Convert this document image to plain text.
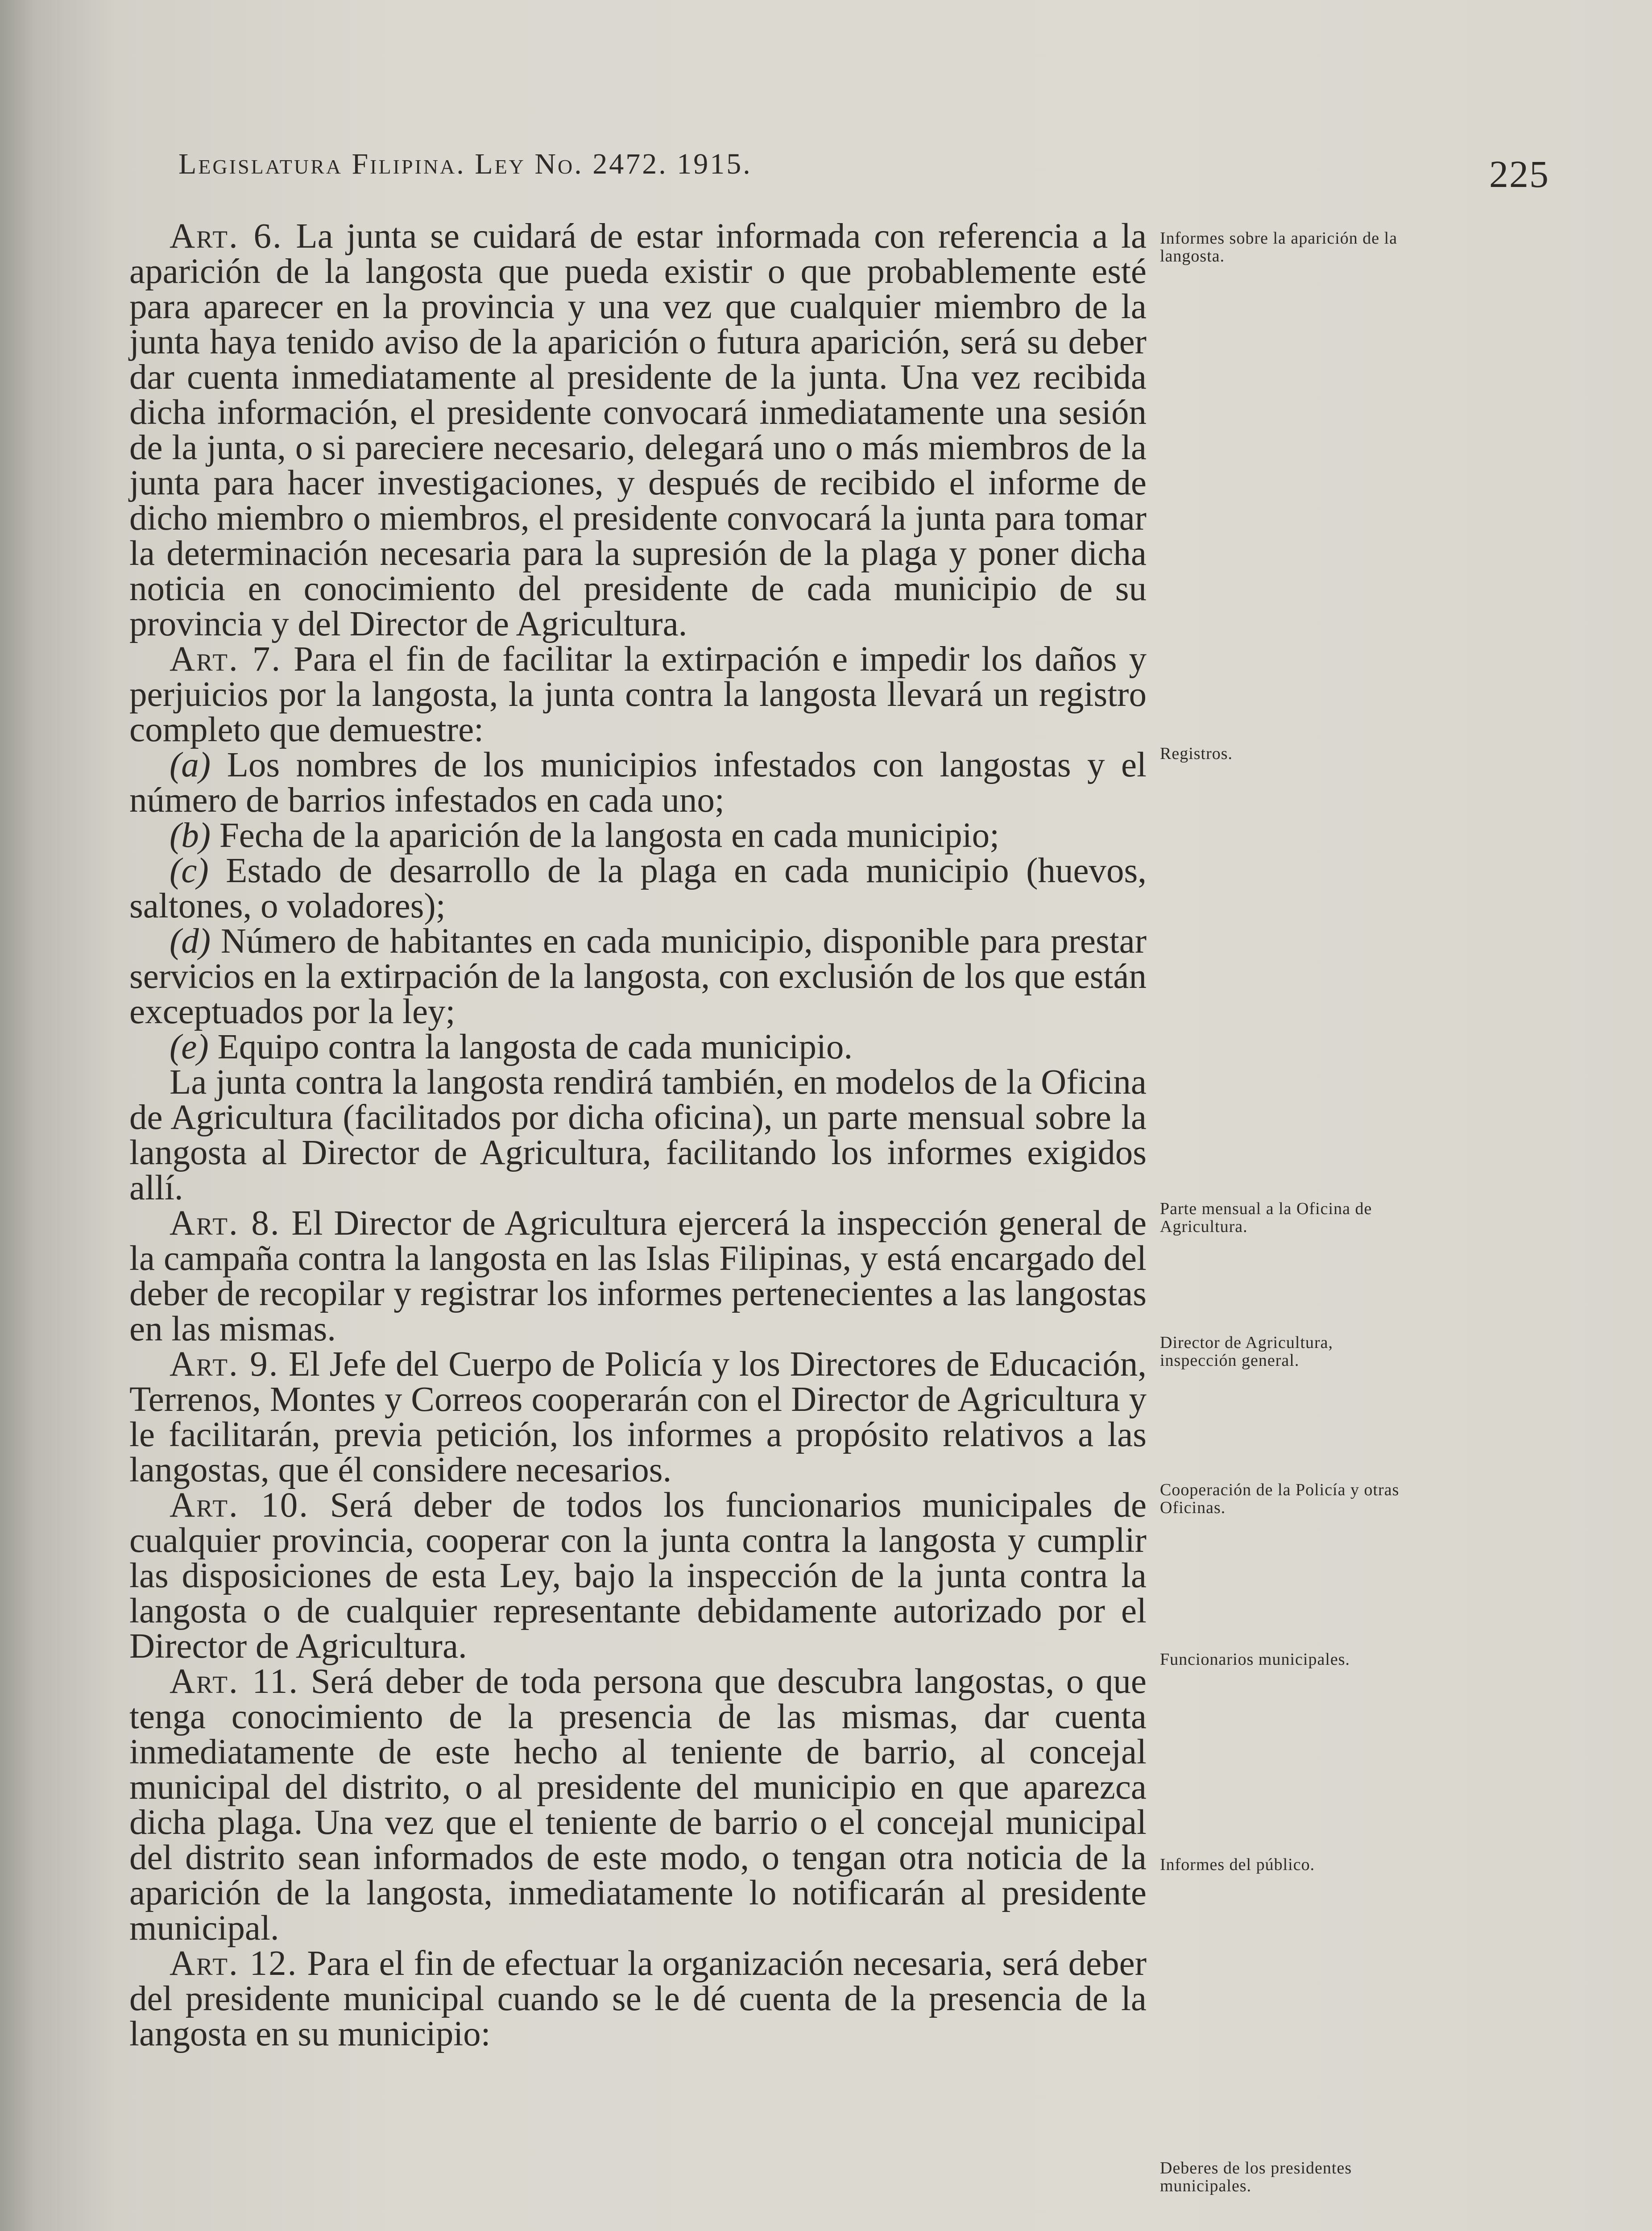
Legislatura Filipina. Ley No. 2472. 1915.	225

Art. 6. La junta se cuidará de estar informada con referencia a la aparición de la langosta que pueda existir o que probablemente esté para aparecer en la provincia y una vez que cualquier miembro de la junta haya tenido aviso de la aparición o futura aparición, será su deber dar cuenta inmediatamente al presidente de la junta. Una vez recibida dicha información, el presidente convocará inmediatamente una sesión de la junta, o si pareciere necesario, delegará uno o más miembros de la junta para hacer investigaciones, y después de recibido el informe de dicho miembro o miembros, el presidente convocará la junta para tomar la determinación necesaria para la supresión de la plaga y poner dicha noticia en conocimiento del presidente de cada municipio de su provincia y del Director de Agricultura.

Art. 7. Para el fin de facilitar la extirpación e impedir los daños y perjuicios por la langosta, la junta contra la langosta llevará un registro completo que demuestre:

(a) Los nombres de los municipios infestados con langostas y el número de barrios infestados en cada uno;

(b) Fecha de la aparición de la langosta en cada municipio;

(c) Estado de desarrollo de la plaga en cada municipio (huevos, saltones, o voladores);

(d) Número de habitantes en cada municipio, disponible para prestar servicios en la extirpación de la langosta, con exclusión de los que están exceptuados por la ley;

(e) Equipo contra la langosta de cada municipio.

La junta contra la langosta rendirá también, en modelos de la Oficina de Agricultura (facilitados por dicha oficina), un parte mensual sobre la langosta al Director de Agricultura, facilitando los informes exigidos allí.

Art. 8. El Director de Agricultura ejercerá la inspección general de la campaña contra la langosta en las Islas Filipinas, y está encargado del deber de recopilar y registrar los informes pertenecientes a las langostas en las mismas.

Art. 9. El Jefe del Cuerpo de Policía y los Directores de Educación, Terrenos, Montes y Correos cooperarán con el Director de Agricultura y le facilitarán, previa petición, los informes a propósito relativos a las langostas, que él considere necesarios.

Art. 10. Será deber de todos los funcionarios municipales de cualquier provincia, cooperar con la junta contra la langosta y cumplir las disposiciones de esta Ley, bajo la inspección de la junta contra la langosta o de cualquier representante debidamente autorizado por el Director de Agricultura.

Art. 11. Será deber de toda persona que descubra langostas, o que tenga conocimiento de la presencia de las mismas, dar cuenta inmediatamente de este hecho al teniente de barrio, al concejal municipal del distrito, o al presidente del municipio en que aparezca dicha plaga. Una vez que el teniente de barrio o el concejal municipal del distrito sean informados de este modo, o tengan otra noticia de la aparición de la langosta, inmediatamente lo notificarán al presidente municipal.

Art. 12. Para el fin de efectuar la organización necesaria, será deber del presidente municipal cuando se le dé cuenta de la presencia de la langosta en su municipio:

Informes sobre la aparición de la langosta.
Registros.
Parte mensual a la Oficina de Agricultura.
Director de Agricultura, inspección general.
Cooperación de la Policía y otras Oficinas.
Funcionarios municipales.
Informes del público.
Deberes de los presidentes municipales.
